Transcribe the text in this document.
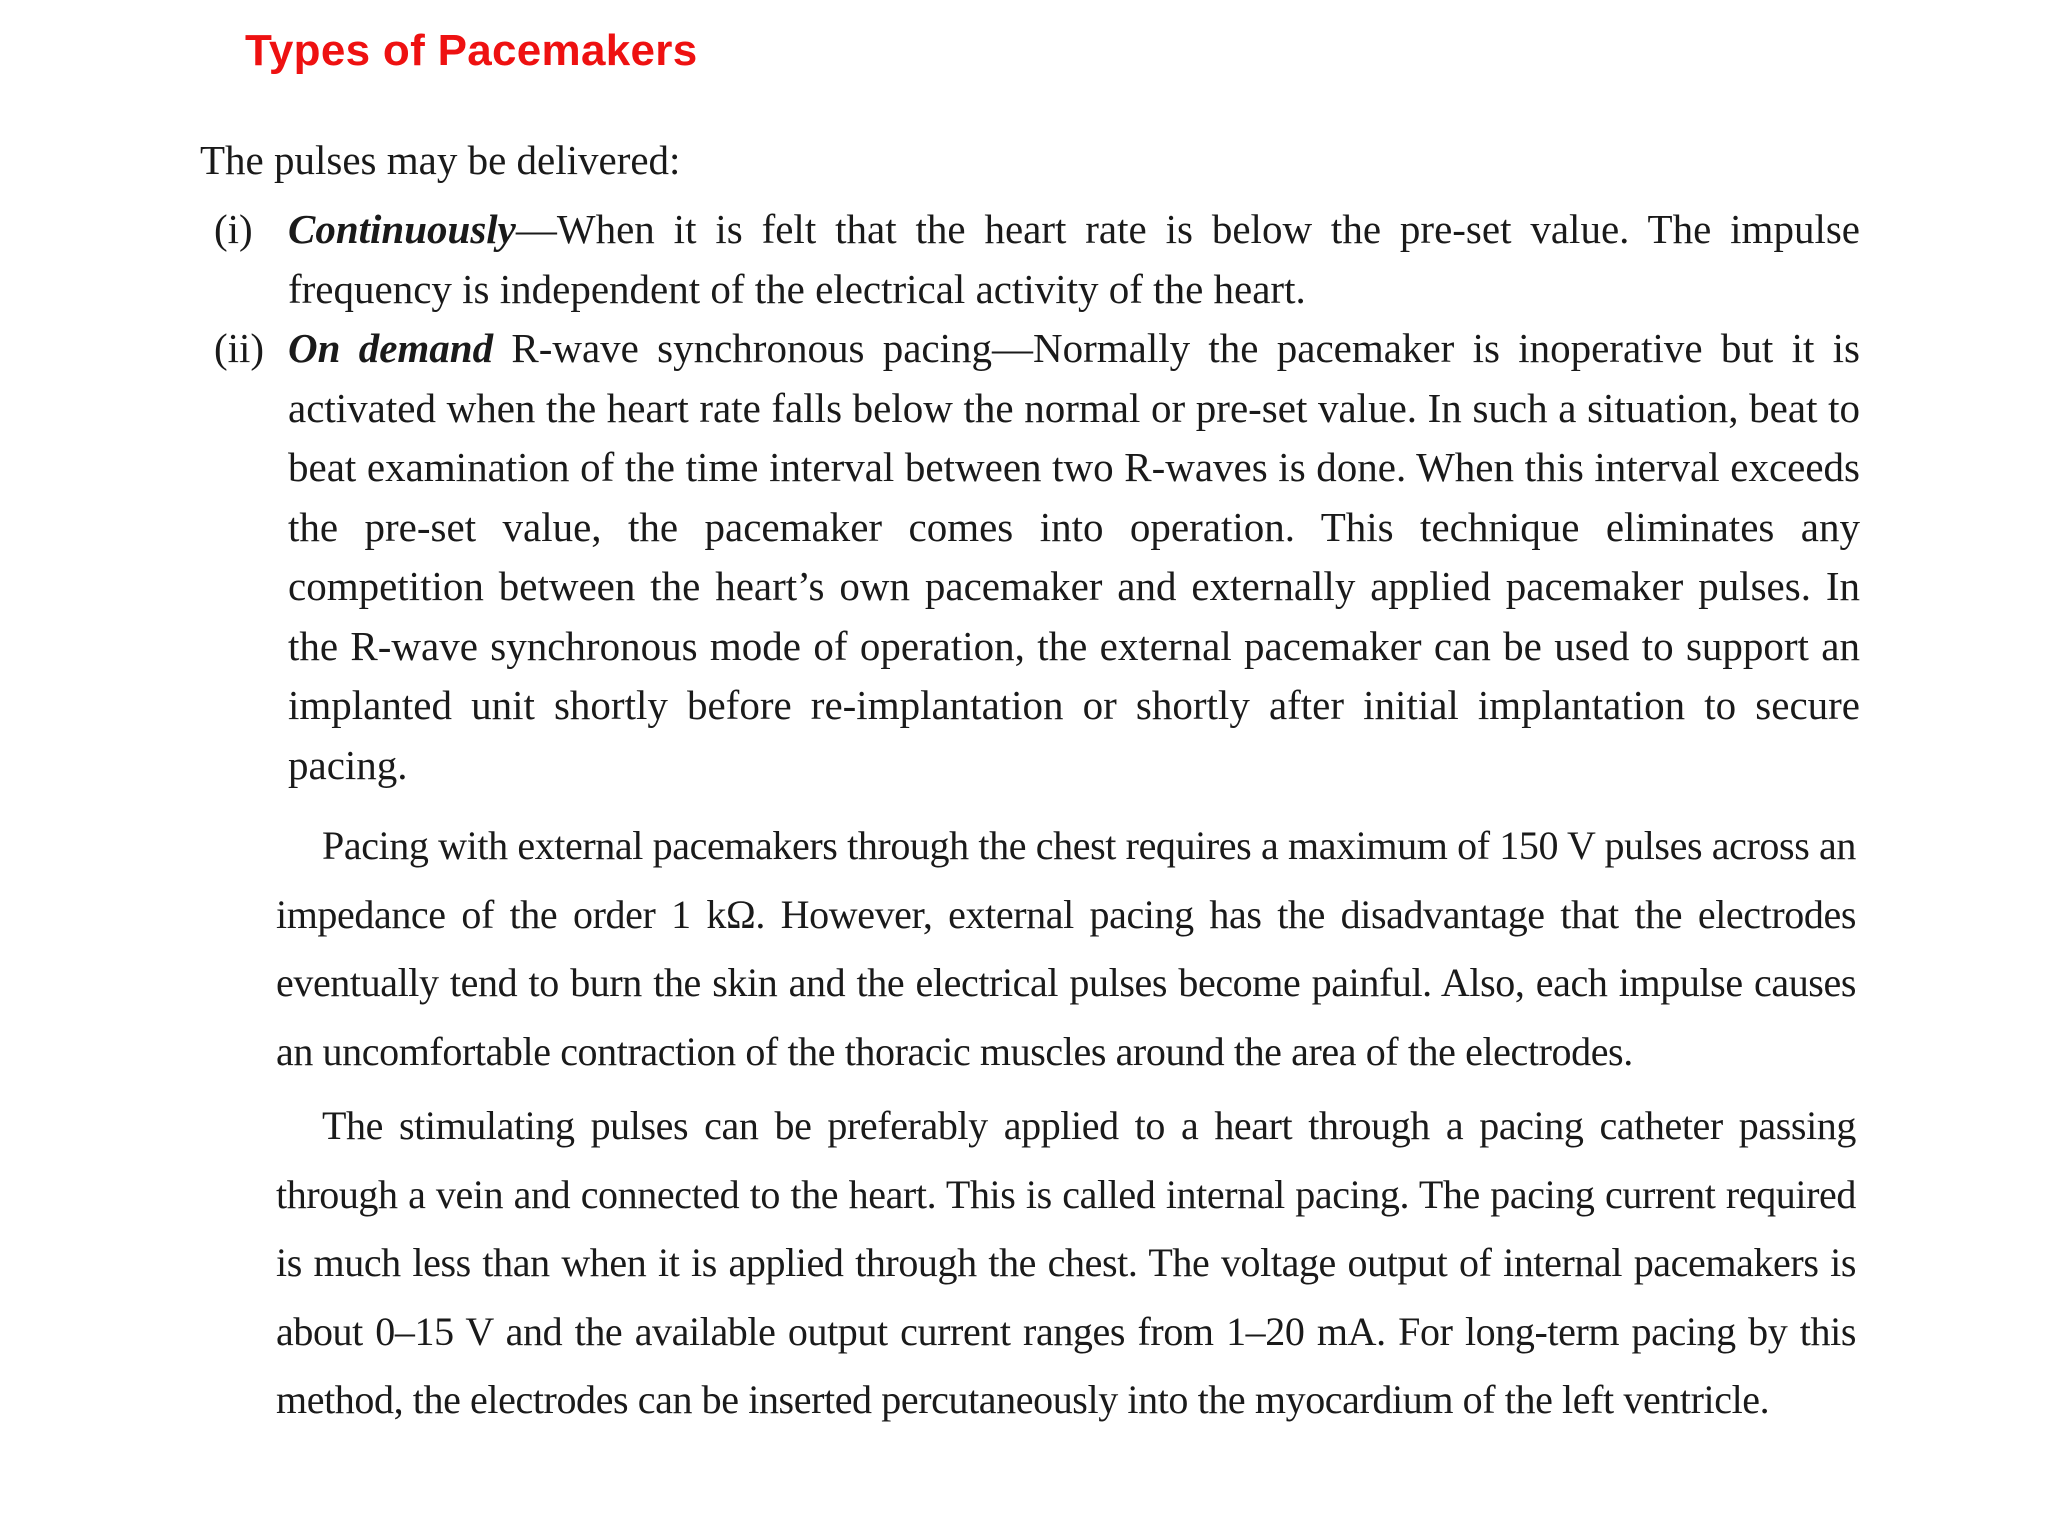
Types of Pacemakers
The pulses may be delivered:
(i) Continuously—When it is felt that the heart rate is below the pre-set value. The impulse frequency is independent of the electrical activity of the heart.
(ii) On demand R-wave synchronous pacing—Normally the pacemaker is inoperative but it is activated when the heart rate falls below the normal or pre-set value. In such a situation, beat to beat examination of the time interval between two R-waves is done. When this interval exceeds the pre-set value, the pacemaker comes into operation. This technique eliminates any competition between the heart’s own pacemaker and externally applied pacemaker pulses. In the R-wave synchronous mode of operation, the external pacemaker can be used to support an implanted unit shortly before re-implantation or shortly after initial implantation to secure pacing.
Pacing with external pacemakers through the chest requires a maximum of 150 V pulses across an impedance of the order 1 kΩ. However, external pacing has the disadvantage that the electrodes eventually tend to burn the skin and the electrical pulses become painful. Also, each impulse causes an uncomfortable contraction of the thoracic muscles around the area of the electrodes.
The stimulating pulses can be preferably applied to a heart through a pacing catheter passing through a vein and connected to the heart. This is called internal pacing. The pacing current required is much less than when it is applied through the chest. The voltage output of internal pacemakers is about 0–15 V and the available output current ranges from 1–20 mA. For long-term pacing by this method, the electrodes can be inserted percutaneously into the myocardium of the left ventricle.
